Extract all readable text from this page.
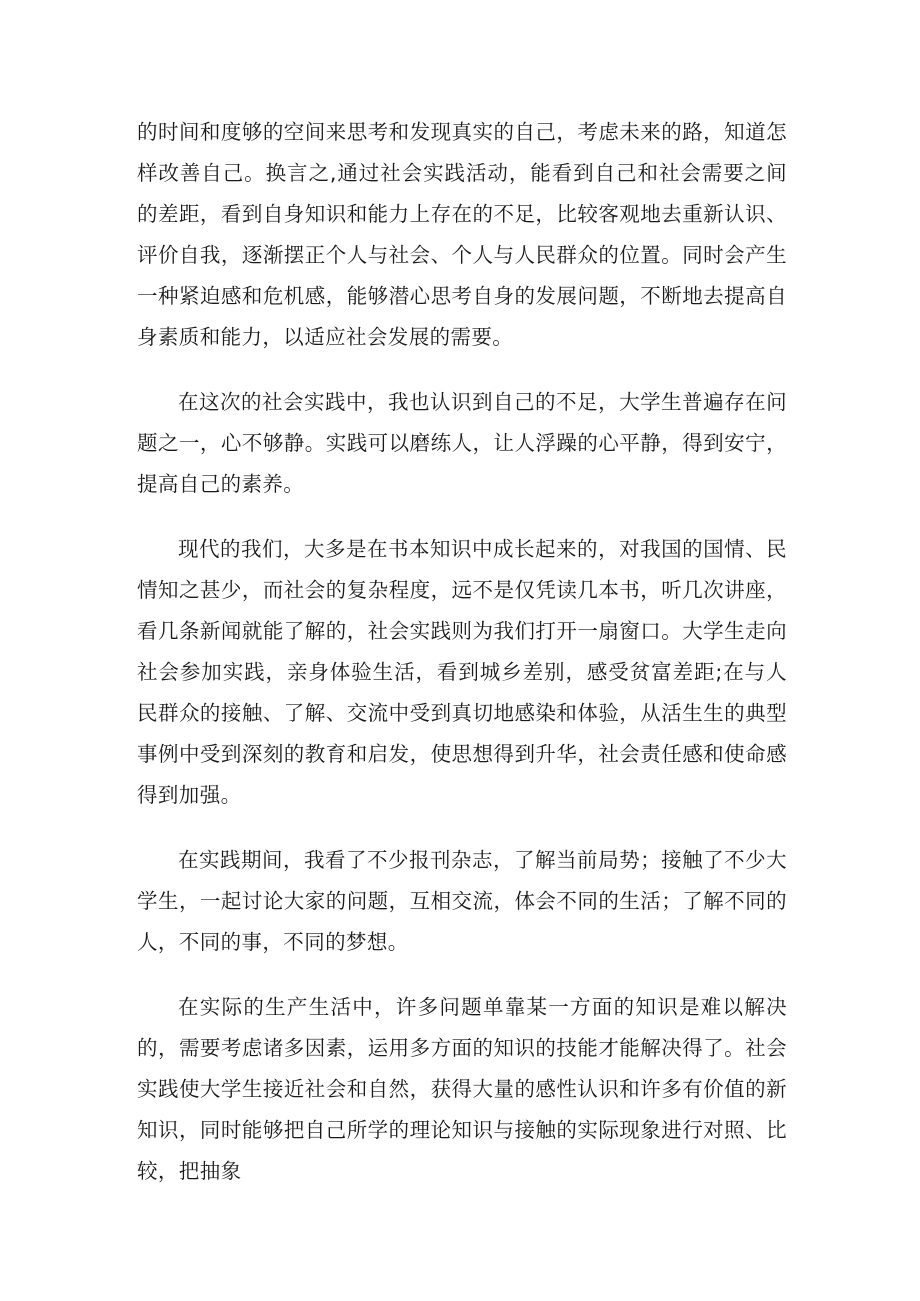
的时间和度够的空间来思考和发现真实的自己，考虑未来的路，知道怎样改善自己。换言之,通过社会实践活动，能看到自己和社会需要之间的差距，看到自身知识和能力上存在的不足，比较客观地去重新认识、评价自我，逐渐摆正个人与社会、个人与人民群众的位置。同时会产生一种紧迫感和危机感，能够潜心思考自身的发展问题，不断地去提高自身素质和能力，以适应社会发展的需要。

在这次的社会实践中，我也认识到自己的不足，大学生普遍存在问题之一，心不够静。实践可以磨练人，让人浮躁的心平静，得到安宁，提高自己的素养。

现代的我们，大多是在书本知识中成长起来的，对我国的国情、民情知之甚少，而社会的复杂程度，远不是仅凭读几本书，听几次讲座，看几条新闻就能了解的，社会实践则为我们打开一扇窗口。大学生走向社会参加实践，亲身体验生活，看到城乡差别，感受贫富差距;在与人民群众的接触、了解、交流中受到真切地感染和体验，从活生生的典型事例中受到深刻的教育和启发，使思想得到升华，社会责任感和使命感得到加强。

在实践期间，我看了不少报刊杂志，了解当前局势；接触了不少大学生，一起讨论大家的问题，互相交流，体会不同的生活；了解不同的人，不同的事，不同的梦想。

在实际的生产生活中，许多问题单靠某一方面的知识是难以解决的，需要考虑诸多因素，运用多方面的知识的技能才能解决得了。社会实践使大学生接近社会和自然，获得大量的感性认识和许多有价值的新知识，同时能够把自己所学的理论知识与接触的实际现象进行对照、比较，把抽象
